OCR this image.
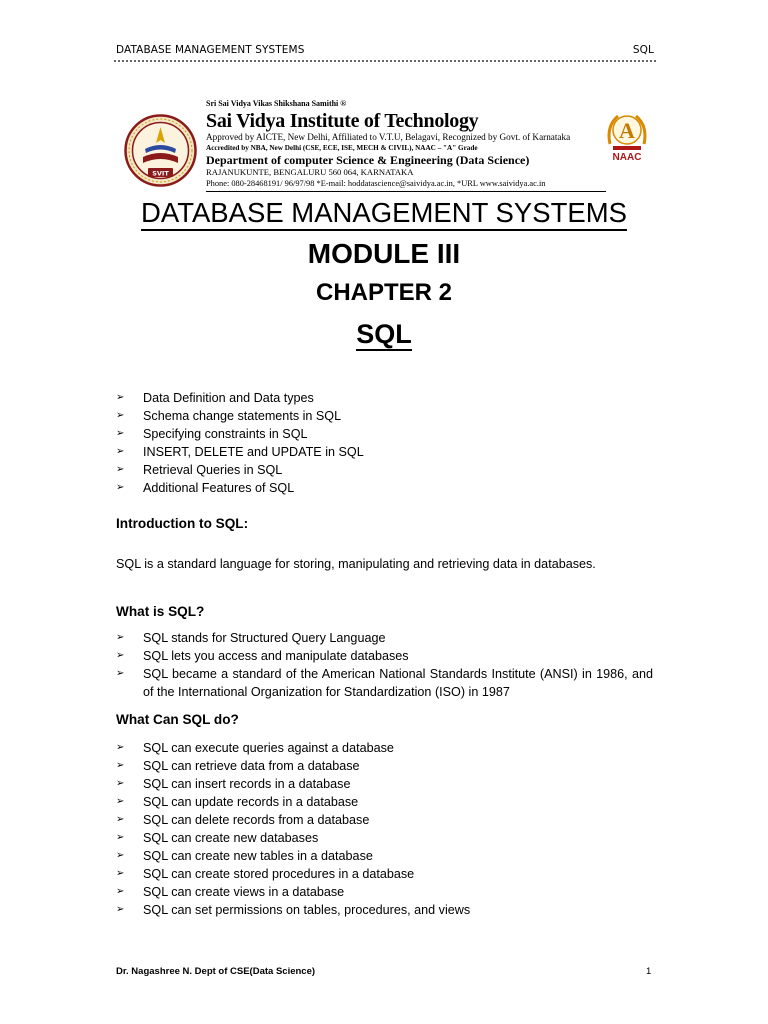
DATABASE MANAGEMENT SYSTEMS	SQL
SVIT
Sri Sai Vidya Vikas Shikshana Samithi ®
Sai Vidya Institute of Technology
Approved by AICTE, New Delhi, Affiliated to V.T.U, Belagavi, Recognized by Govt. of Karnataka
Accredited by NBA, New Delhi (CSE, ECE, ISE, MECH & CIVIL), NAAC – "A" Grade
Department of computer Science & Engineering (Data Science)
RAJANUKUNTE, BENGALURU 560 064, KARNATAKA
Phone: 080-28468191/ 96/97/98 *E-mail: hoddatascience@saividya.ac.in, *URL www.saividya.ac.in
A
NAAC
DATABASE MANAGEMENT SYSTEMS
MODULE III
CHAPTER 2
SQL
➢ Data Definition and Data types
➢ Schema change statements in SQL
➢ Specifying constraints in SQL
➢ INSERT, DELETE and UPDATE in SQL
➢ Retrieval Queries in SQL
➢ Additional Features of SQL
Introduction to SQL:
SQL is a standard language for storing, manipulating and retrieving data in databases.
What is SQL?
➢ SQL stands for Structured Query Language
➢ SQL lets you access and manipulate databases
➢ SQL became a standard of the American National Standards Institute (ANSI) in 1986, and of the International Organization for Standardization (ISO) in 1987
What Can SQL do?
➢ SQL can execute queries against a database
➢ SQL can retrieve data from a database
➢ SQL can insert records in a database
➢ SQL can update records in a database
➢ SQL can delete records from a database
➢ SQL can create new databases
➢ SQL can create new tables in a database
➢ SQL can create stored procedures in a database
➢ SQL can create views in a database
➢ SQL can set permissions on tables, procedures, and views
Dr. Nagashree N. Dept of CSE(Data Science)	1
